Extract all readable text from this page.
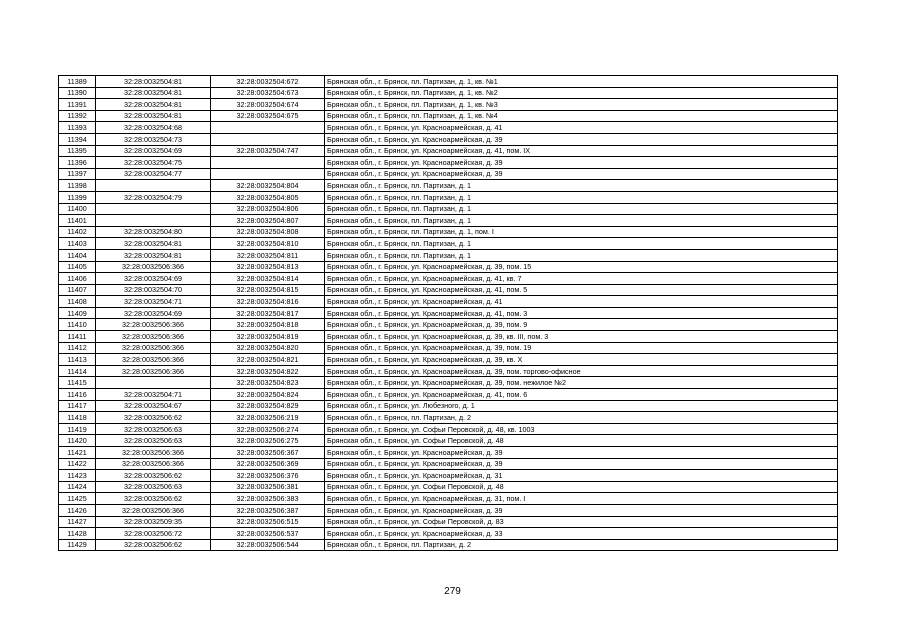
11389	32:28:0032504:81	32:28:0032504:672	Брянская обл., г. Брянск, пл. Партизан, д. 1, кв. №1
11390	32:28:0032504:81	32:28:0032504:673	Брянская обл., г. Брянск, пл. Партизан, д. 1, кв. №2
11391	32:28:0032504:81	32:28:0032504:674	Брянская обл., г. Брянск, пл. Партизан, д. 1, кв. №3
11392	32:28:0032504:81	32:28:0032504:675	Брянская обл., г. Брянск, пл. Партизан, д. 1, кв. №4
11393	32:28:0032504:68		Брянская обл., г. Брянск, ул. Красноармейская, д. 41
11394	32:28:0032504:73		Брянская обл., г. Брянск, ул. Красноармейская, д. 39
11395	32:28:0032504:69	32:28:0032504:747	Брянская обл., г. Брянск, ул. Красноармейская, д. 41, пом. IX
11396	32:28:0032504:75		Брянская обл., г. Брянск, ул. Красноармейская, д. 39
11397	32:28:0032504:77		Брянская обл., г. Брянск, ул. Красноармейская, д. 39
11398		32:28:0032504:804	Брянская обл., г. Брянск, пл. Партизан, д. 1
11399	32:28:0032504:79	32:28:0032504:805	Брянская обл., г. Брянск, пл. Партизан, д. 1
11400		32:28:0032504:806	Брянская обл., г. Брянск, пл. Партизан, д. 1
11401		32:28:0032504:807	Брянская обл., г. Брянск, пл. Партизан, д. 1
11402	32:28:0032504:80	32:28:0032504:808	Брянская обл., г. Брянск, пл. Партизан, д. 1, пом. I
11403	32:28:0032504:81	32:28:0032504:810	Брянская обл., г. Брянск, пл. Партизан, д. 1
11404	32:28:0032504:81	32:28:0032504:811	Брянская обл., г. Брянск, пл. Партизан, д. 1
11405	32:28:0032506:366	32:28:0032504:813	Брянская обл., г. Брянск, ул. Красноармейская, д. 39, пом. 15
11406	32:28:0032504:69	32:28:0032504:814	Брянская обл., г. Брянск, ул. Красноармейская, д. 41, кв. 7
11407	32:28:0032504:70	32:28:0032504:815	Брянская обл., г. Брянск, ул. Красноармейская, д. 41, пом. 5
11408	32:28:0032504:71	32:28:0032504:816	Брянская обл., г. Брянск, ул. Красноармейская, д. 41
11409	32:28:0032504:69	32:28:0032504:817	Брянская обл., г. Брянск, ул. Красноармейская, д. 41, пом. 3
11410	32:28:0032506:366	32:28:0032504:818	Брянская обл., г. Брянск, ул. Красноармейская, д. 39, пом. 9
11411	32:28:0032506:366	32:28:0032504:819	Брянская обл., г. Брянск, ул. Красноармейская, д. 39, кв. III, пом. 3
11412	32:28:0032506:366	32:28:0032504:820	Брянская обл., г. Брянск, ул. Красноармейская, д. 39, пом. 19
11413	32:28:0032506:366	32:28:0032504:821	Брянская обл., г. Брянск, ул. Красноармейская, д. 39, кв. X
11414	32:28:0032506:366	32:28:0032504:822	Брянская обл., г. Брянск, ул. Красноармейская, д. 39, пом. торгово-офисное
11415		32:28:0032504:823	Брянская обл., г. Брянск, ул. Красноармейская, д. 39, пом. нежилое №2
11416	32:28:0032504:71	32:28:0032504:824	Брянская обл., г. Брянск, ул. Красноармейская, д. 41, пом. 6
11417	32:28:0032504:67	32:28:0032504:829	Брянская обл., г. Брянск, ул. Любезного, д. 1
11418	32:28:0032506:62	32:28:0032506:219	Брянская обл., г. Брянск, пл. Партизан, д. 2
11419	32:28:0032506:63	32:28:0032506:274	Брянская обл., г. Брянск, ул. Софьи Перовской, д. 48, кв. 1003
11420	32:28:0032506:63	32:28:0032506:275	Брянская обл., г. Брянск, ул. Софьи Перовской, д. 48
11421	32:28:0032506:366	32:28:0032506:367	Брянская обл., г. Брянск, ул. Красноармейская, д. 39
11422	32:28:0032506:366	32:28:0032506:369	Брянская обл., г. Брянск, ул. Красноармейская, д. 39
11423	32:28:0032506:62	32:28:0032506:376	Брянская обл., г. Брянск, ул. Красноармейская, д. 31
11424	32:28:0032506:63	32:28:0032506:381	Брянская обл., г. Брянск, ул. Софьи Перовской, д. 48
11425	32:28:0032506:62	32:28:0032506:383	Брянская обл., г. Брянск, ул. Красноармейская, д. 31, пом. I
11426	32:28:0032506:366	32:28:0032506:387	Брянская обл., г. Брянск, ул. Красноармейская, д. 39
11427	32:28:0032509:35	32:28:0032506:515	Брянская обл., г. Брянск, ул. Софьи Перовской, д. 83
11428	32:28:0032506:72	32:28:0032506:537	Брянская обл., г. Брянск, ул. Красноармейская, д. 33
11429	32:28:0032506:62	32:28:0032506:544	Брянская обл., г. Брянск, пл. Партизан, д. 2
279
